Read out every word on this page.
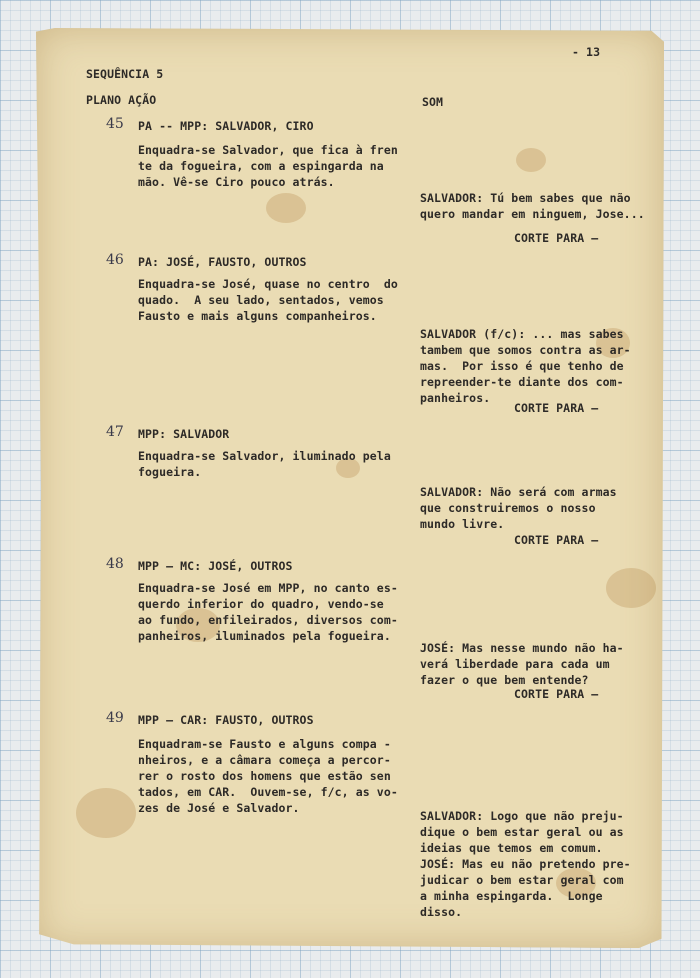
- 13
SEQUÊNCIA 5
PLANO AÇÃO	SOM
45 PA -- MPP: SALVADOR, CIRO
Enquadra-se Salvador, que fica à fren
te da fogueira, com a espingarda na
mão. Vê-se Ciro pouco atrás.
SALVADOR: Tú bem sabes que não
quero mandar em ninguem, Jose...
CORTE PARA —
46 PA: JOSÉ, FAUSTO, OUTROS
Enquadra-se José, quase no centro  do
quado.  A seu lado, sentados, vemos
Fausto e mais alguns companheiros.
SALVADOR (f/c): ... mas sabes
tambem que somos contra as ar-
mas.  Por isso é que tenho de
repreender-te diante dos com-
panheiros.
CORTE PARA —
47 MPP: SALVADOR
Enquadra-se Salvador, iluminado pela
fogueira.
SALVADOR: Não será com armas
que construiremos o nosso
mundo livre.
CORTE PARA —
48 MPP — MC: JOSÉ, OUTROS
Enquadra-se José em MPP, no canto es-
querdo inferior do quadro, vendo-se
ao fundo, enfileirados, diversos com-
panheiros, iluminados pela fogueira.
JOSÉ: Mas nesse mundo não ha-
verá liberdade para cada um
fazer o que bem entende?
CORTE PARA —
49 MPP — CAR: FAUSTO, OUTROS
Enquadram-se Fausto e alguns compa -
nheiros, e a câmara começa a percor-
rer o rosto dos homens que estão sen
tados, em CAR.  Ouvem-se, f/c, as vo-
zes de José e Salvador.
SALVADOR: Logo que não preju-
dique o bem estar geral ou as
ideias que temos em comum.
JOSÉ: Mas eu não pretendo pre-
judicar o bem estar geral com
a minha espingarda.  Longe
disso.
